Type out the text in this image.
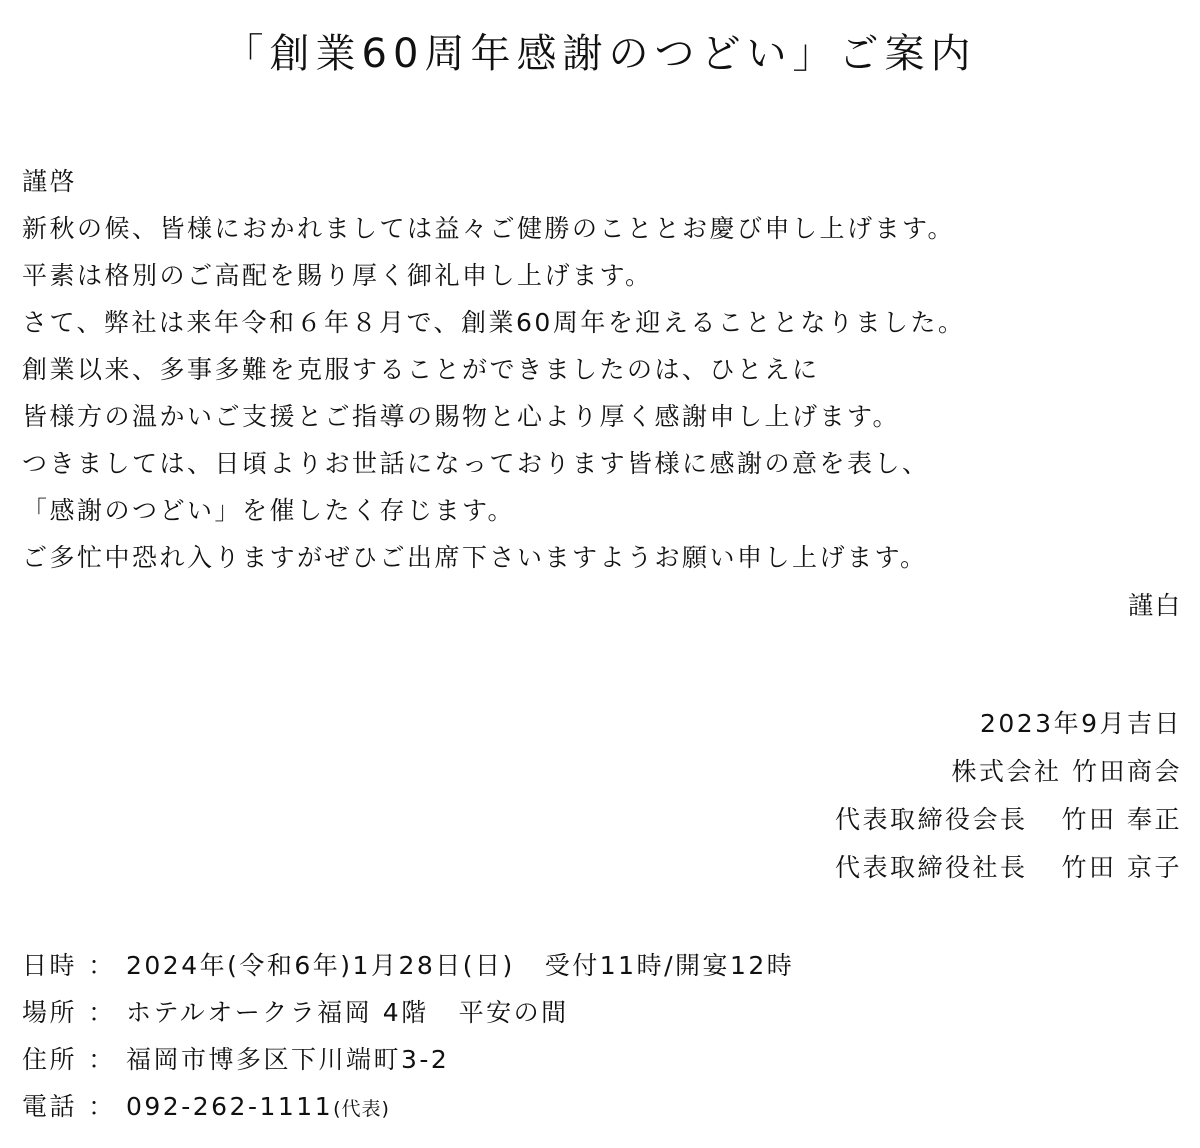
「創業60周年感謝のつどい」ご案内
謹啓
新秋の候、皆様におかれましては益々ご健勝のこととお慶び申し上げます。
平素は格別のご高配を賜り厚く御礼申し上げます。
さて、弊社は来年令和６年８月で、創業60周年を迎えることとなりました。
創業以来、多事多難を克服することができましたのは、ひとえに
皆様方の温かいご支援とご指導の賜物と心より厚く感謝申し上げます。
つきましては、日頃よりお世話になっております皆様に感謝の意を表し、
「感謝のつどい」を催したく存じます。
ご多忙中恐れ入りますがぜひご出席下さいますようお願い申し上げます。
謹白
2023年9月吉日
株式会社 竹田商会
代表取締役会長 竹田 奉正
代表取締役社長 竹田 京子
日時 ： 2024年(令和6年)1月28日(日) 受付11時/開宴12時
場所 ： ホテルオークラ福岡 4階 平安の間
住所 ： 福岡市博多区下川端町3-2
電話 ： 092-262-1111(代表)
